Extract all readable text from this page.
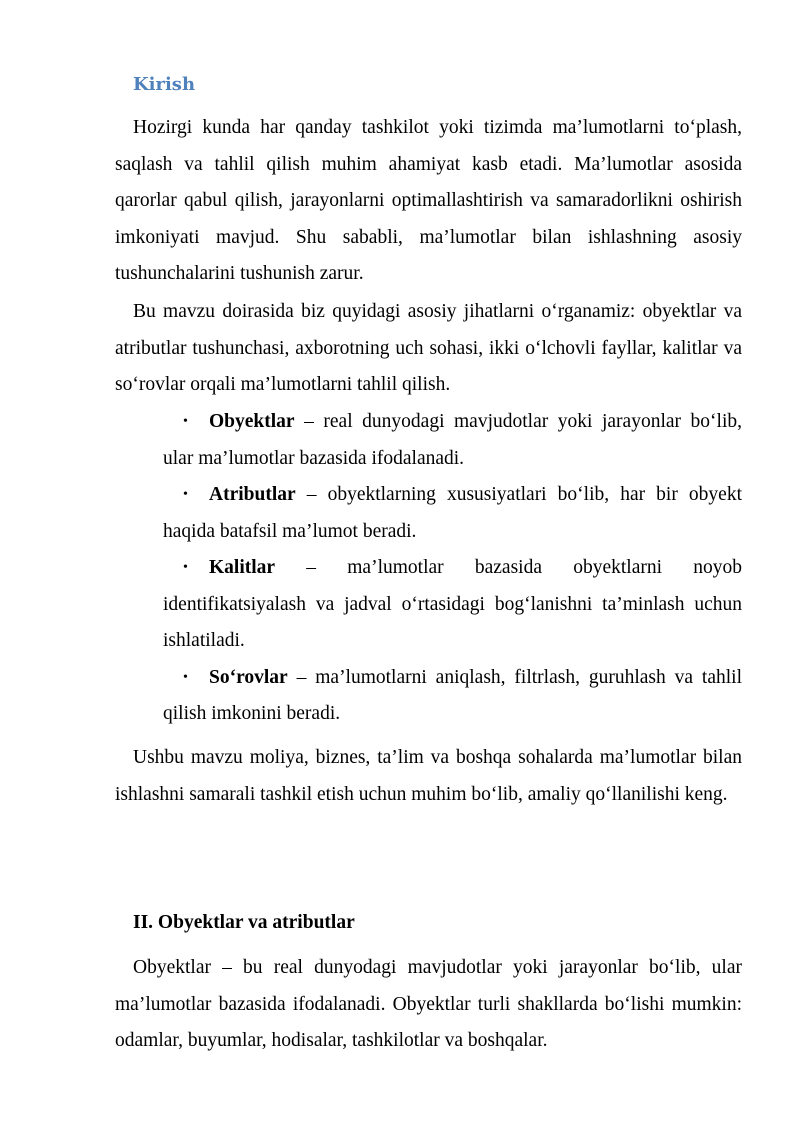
Kirish

Hozirgi kunda har qanday tashkilot yoki tizimda ma’lumotlarni to‘plash, saqlash va tahlil qilish muhim ahamiyat kasb etadi. Ma’lumotlar asosida qarorlar qabul qilish, jarayonlarni optimallashtirish va samaradorlikni oshirish imkoniyati mavjud. Shu sababli, ma’lumotlar bilan ishlashning asosiy tushunchalarini tushunish zarur.

Bu mavzu doirasida biz quyidagi asosiy jihatlarni o‘rganamiz: obyektlar va atributlar tushunchasi, axborotning uch sohasi, ikki o‘lchovli fayllar, kalitlar va so‘rovlar orqali ma’lumotlarni tahlil qilish.

• Obyektlar – real dunyodagi mavjudotlar yoki jarayonlar bo‘lib, ular ma’lumotlar bazasida ifodalanadi.
• Atributlar – obyektlarning xususiyatlari bo‘lib, har bir obyekt haqida batafsil ma’lumot beradi.
• Kalitlar – ma’lumotlar bazasida obyektlarni noyob identifikatsiyalash va jadval o‘rtasidagi bog‘lanishni ta’minlash uchun ishlatiladi.
• So‘rovlar – ma’lumotlarni aniqlash, filtrlash, guruhlash va tahlil qilish imkonini beradi.

Ushbu mavzu moliya, biznes, ta’lim va boshqa sohalarda ma’lumotlar bilan ishlashni samarali tashkil etish uchun muhim bo‘lib, amaliy qo‘llanilishi keng.

II. Obyektlar va atributlar

Obyektlar – bu real dunyodagi mavjudotlar yoki jarayonlar bo‘lib, ular ma’lumotlar bazasida ifodalanadi. Obyektlar turli shakllarda bo‘lishi mumkin: odamlar, buyumlar, hodisalar, tashkilotlar va boshqalar.
